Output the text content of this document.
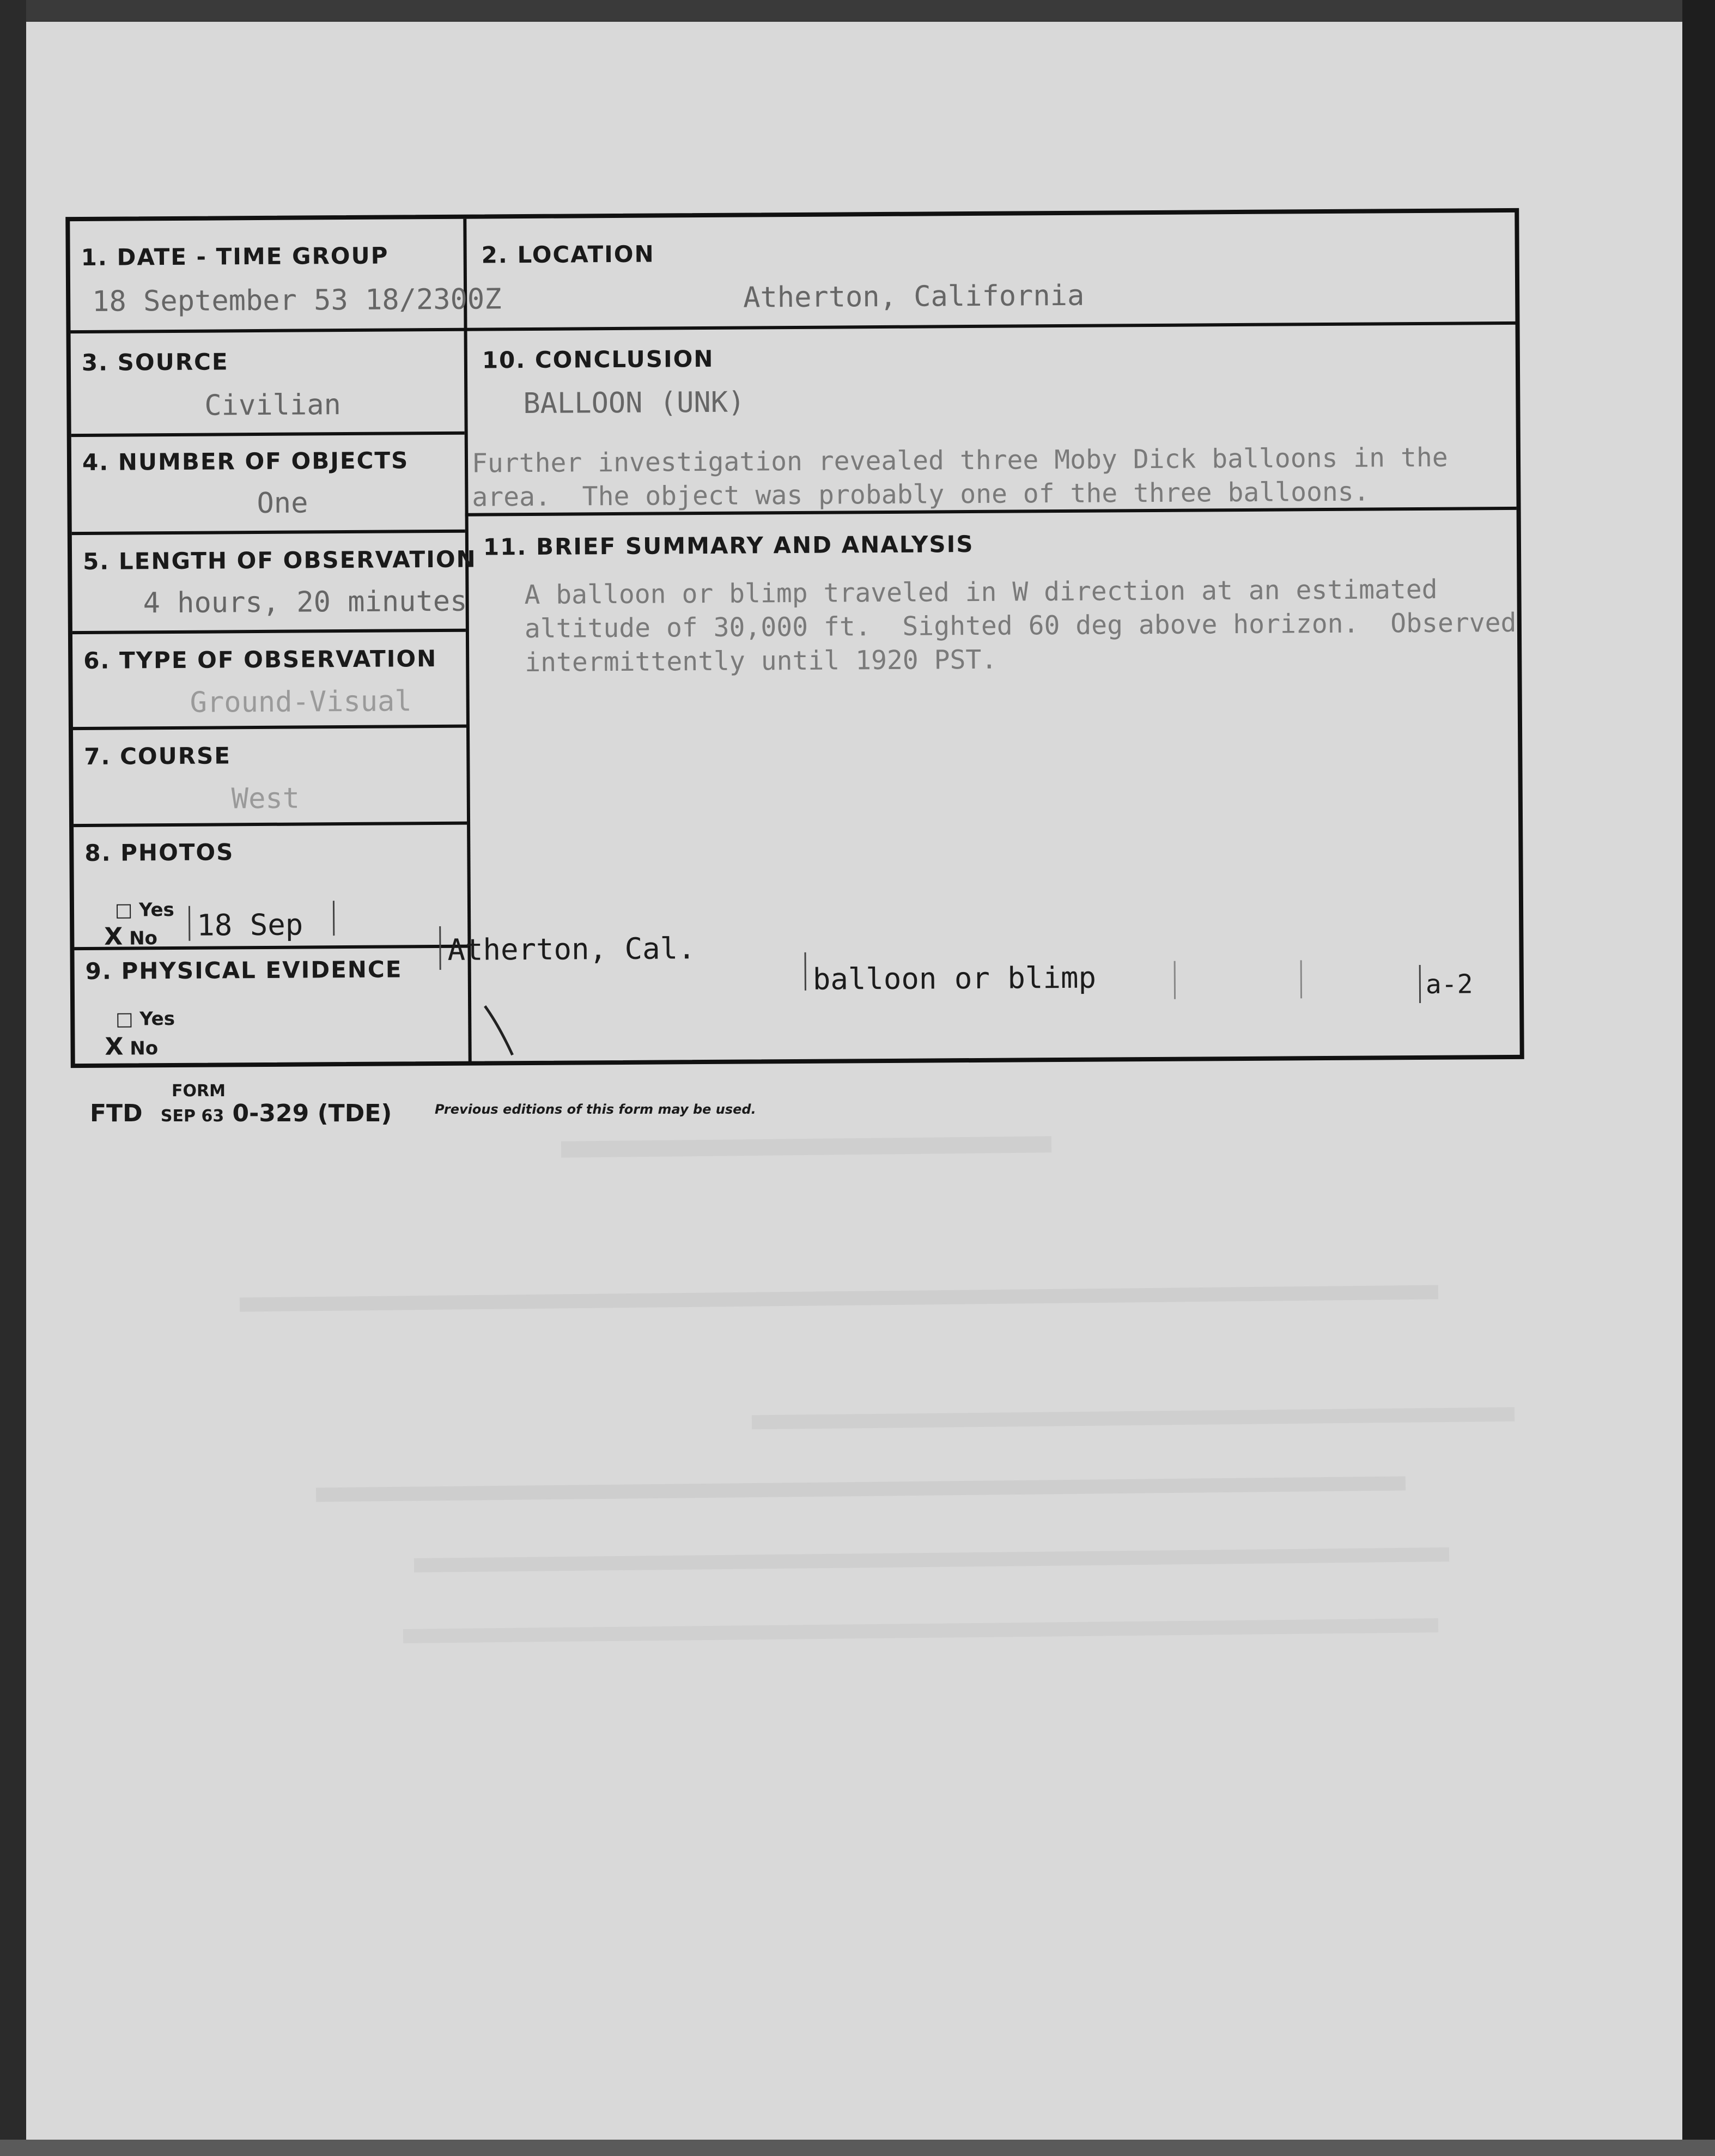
1. DATE - TIME GROUP
18 September 53 18/2300Z
2. LOCATION
Atherton, California
3. SOURCE
Civilian
4. NUMBER OF OBJECTS
One
5. LENGTH OF OBSERVATION
4 hours, 20 minutes
6. TYPE OF OBSERVATION
Ground-Visual
7. COURSE
West
8. PHOTOS
□ Yes
X No 18 Sep
9. PHYSICAL EVIDENCE
□ Yes
X No
10. CONCLUSION
BALLOON (UNK)
Further investigation revealed three Moby Dick balloons in the
area.  The object was probably one of the three balloons.
11. BRIEF SUMMARY AND ANALYSIS
A balloon or blimp traveled in W direction at an estimated
altitude of 30,000 ft.  Sighted 60 deg above horizon.  Observed
intermittently until 1920 PST.
Atherton, Cal.
balloon or blimp	a-2
FORM
FTD SEP 63 0-329 (TDE)	Previous editions of this form may be used.
